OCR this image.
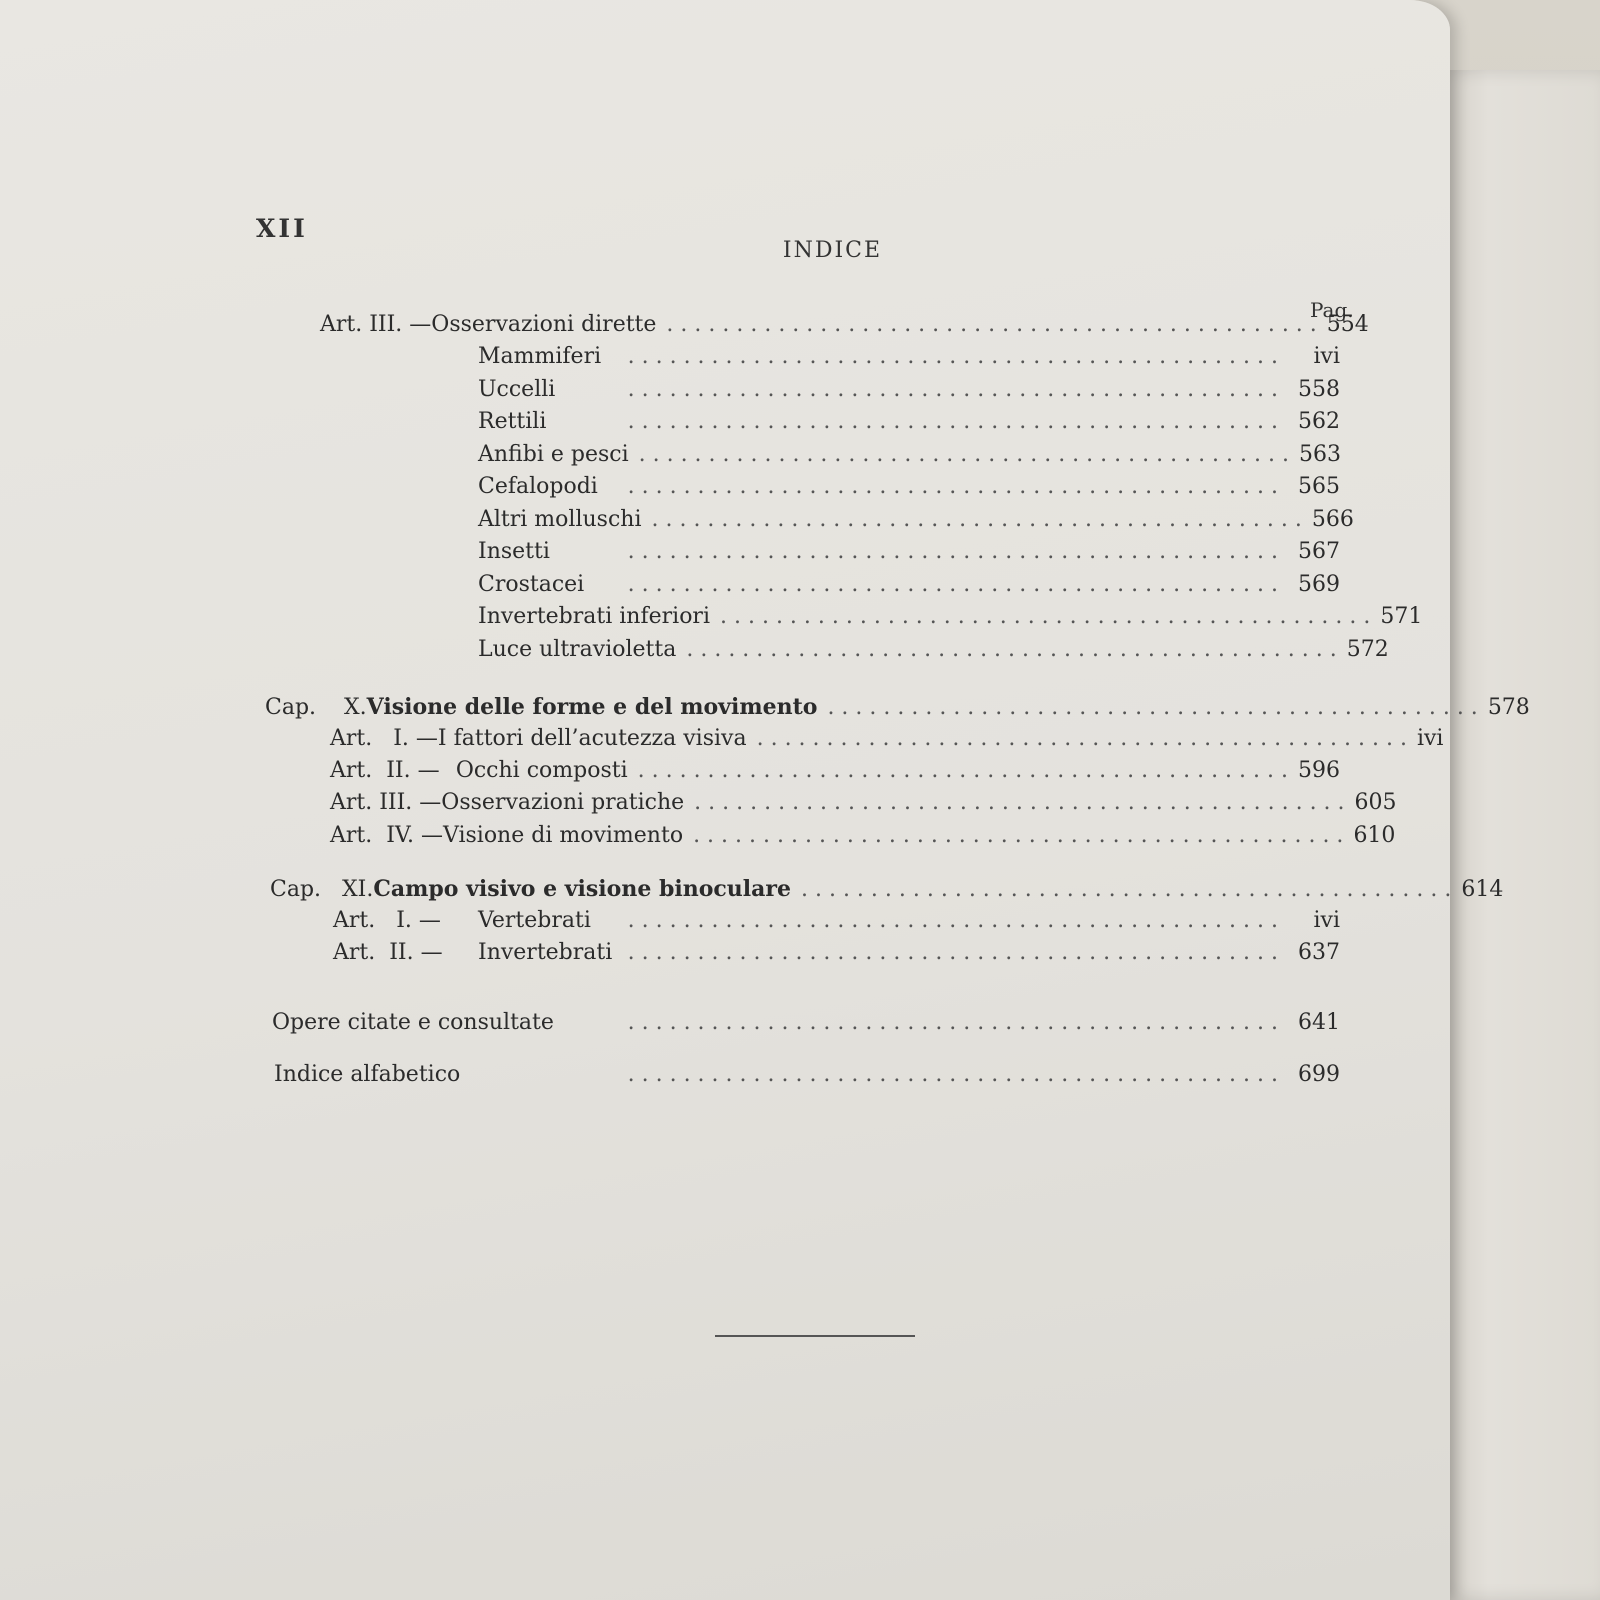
XII
INDICE
Pag.
Art. III. — Osservazioni dirette . . . . . . . . . . . . . . . . . . . . . . . . . . . . . . . . . . . . . . . . . . . . . . . 554
Mammiferi	. . . . . . . . . . . . . . . . . . . . . . . . . . . . . . . . . . . . . . . . . . . . . . .	ivi
Uccelli	. . . . . . . . . . . . . . . . . . . . . . . . . . . . . . . . . . . . . . . . . . . . . . . 558
Rettili	. . . . . . . . . . . . . . . . . . . . . . . . . . . . . . . . . . . . . . . . . . . . . . . 562
Anfibi e pesci . . . . . . . . . . . . . . . . . . . . . . . . . . . . . . . . . . . . . . . . . . . . . . . 563
Cefalopodi	. . . . . . . . . . . . . . . . . . . . . . . . . . . . . . . . . . . . . . . . . . . . . . . 565
Altri molluschi . . . . . . . . . . . . . . . . . . . . . . . . . . . . . . . . . . . . . . . . . . . . . . . 566
Insetti	. . . . . . . . . . . . . . . . . . . . . . . . . . . . . . . . . . . . . . . . . . . . . . . 567
Crostacei	. . . . . . . . . . . . . . . . . . . . . . . . . . . . . . . . . . . . . . . . . . . . . . . 569
Invertebrati inferiori . . . . . . . . . . . . . . . . . . . . . . . . . . . . . . . . . . . . . . . . . . . . . . . 571
Luce ultravioletta . . . . . . . . . . . . . . . . . . . . . . . . . . . . . . . . . . . . . . . . . . . . . . . 572
Cap.    X. Visione delle forme e del movimento . . . . . . . . . . . . . . . . . . . . . . . . . . . . . . . . . . . . . . . . . . . . . . . 578
Art.   I. — I fattori dell’acutezza visiva . . . . . . . . . . . . . . . . . . . . . . . . . . . . . . . . . . . . . . . . . . . . . . . ivi
Art.  II. — Occhi composti . . . . . . . . . . . . . . . . . . . . . . . . . . . . . . . . . . . . . . . . . . . . . . . 596
Art. III. — Osservazioni pratiche . . . . . . . . . . . . . . . . . . . . . . . . . . . . . . . . . . . . . . . . . . . . . . . 605
Art.  IV. — Visione di movimento . . . . . . . . . . . . . . . . . . . . . . . . . . . . . . . . . . . . . . . . . . . . . . . 610
Cap.   XI. Campo visivo e visione binoculare . . . . . . . . . . . . . . . . . . . . . . . . . . . . . . . . . . . . . . . . . . . . . . . 614
Art.   I. —	Vertebrati	. . . . . . . . . . . . . . . . . . . . . . . . . . . . . . . . . . . . . . . . . . . . . . .	ivi
Art.  II. —	Invertebrati . . . . . . . . . . . . . . . . . . . . . . . . . . . . . . . . . . . . . . . . . . . . . . . 637
Opere citate e consultate	. . . . . . . . . . . . . . . . . . . . . . . . . . . . . . . . . . . . . . . . . . . . . . . 641
Indice alfabetico	. . . . . . . . . . . . . . . . . . . . . . . . . . . . . . . . . . . . . . . . . . . . . . . 699
